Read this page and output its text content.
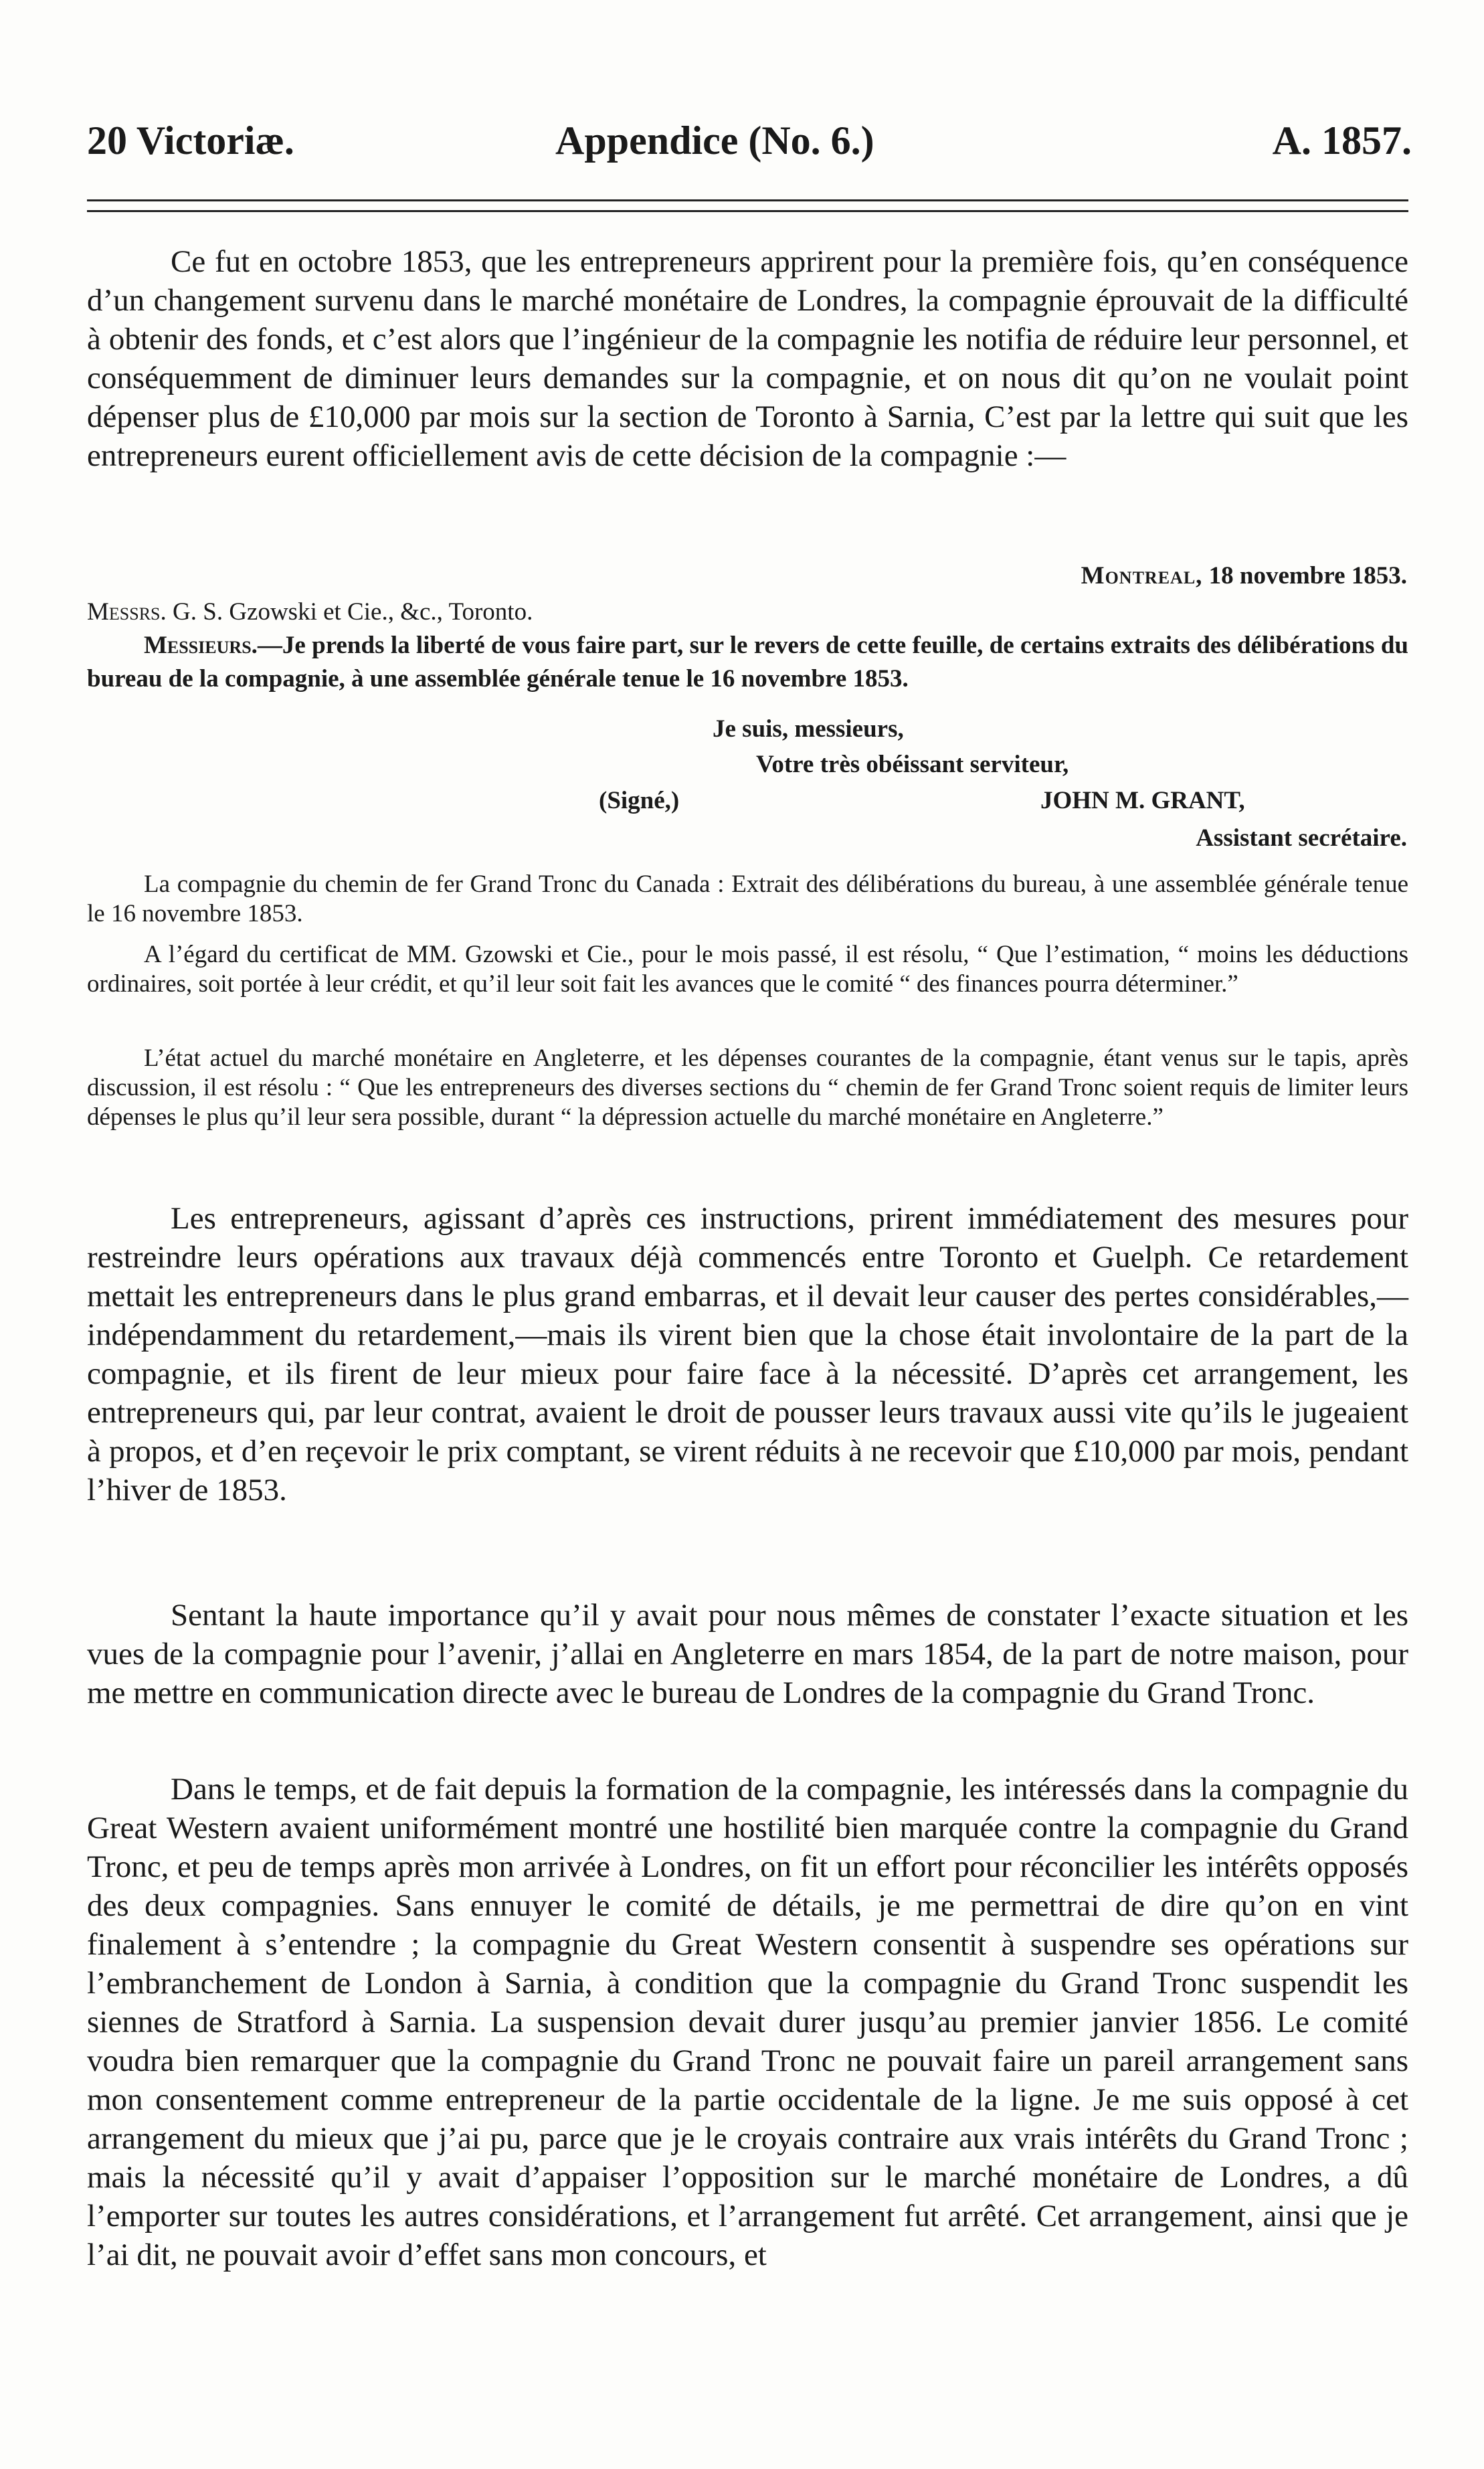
20 Victoriæ.	Appendice (No. 6.)	A. 1857.

Ce fut en octobre 1853, que les entrepreneurs apprirent pour la première fois, qu’en conséquence d’un changement survenu dans le marché monétaire de Londres, la compagnie éprouvait de la difficulté à obtenir des fonds, et c’est alors que l’ingénieur de la compagnie les notifia de réduire leur personnel, et conséquemment de diminuer leurs demandes sur la compagnie, et on nous dit qu’on ne voulait point dépenser plus de £10,000 par mois sur la section de Toronto à Sarnia, C’est par la lettre qui suit que les entrepreneurs eurent officiellement avis de cette décision de la compagnie :—

Montreal, 18 novembre 1853.
Messrs. G. S. Gzowski et Cie., &c., Toronto.

Messieurs.—Je prends la liberté de vous faire part, sur le revers de cette feuille, de certains extraits des délibérations du bureau de la compagnie, à une assemblée générale tenue le 16 novembre 1853.

Je suis, messieurs,
Votre très obéissant serviteur,
(Signé,)	JOHN M. GRANT,
Assistant secrétaire.

La compagnie du chemin de fer Grand Tronc du Canada : Extrait des délibérations du bureau, à une assemblée générale tenue le 16 novembre 1853.

A l’égard du certificat de MM. Gzowski et Cie., pour le mois passé, il est résolu, “ Que l’estimation, “ moins les déductions ordinaires, soit portée à leur crédit, et qu’il leur soit fait les avances que le comité “ des finances pourra déterminer.”

L’état actuel du marché monétaire en Angleterre, et les dépenses courantes de la compagnie, étant venus sur le tapis, après discussion, il est résolu : “ Que les entrepreneurs des diverses sections du “ chemin de fer Grand Tronc soient requis de limiter leurs dépenses le plus qu’il leur sera possible, durant “ la dépression actuelle du marché monétaire en Angleterre.”

Les entrepreneurs, agissant d’après ces instructions, prirent immédiatement des mesures pour restreindre leurs opérations aux travaux déjà commencés entre Toronto et Guelph. Ce retardement mettait les entrepreneurs dans le plus grand embarras, et il devait leur causer des pertes considérables,—indépendamment du retardement,—mais ils virent bien que la chose était involontaire de la part de la compagnie, et ils firent de leur mieux pour faire face à la nécessité. D’après cet arrangement, les entrepreneurs qui, par leur contrat, avaient le droit de pousser leurs travaux aussi vite qu’ils le jugeaient à propos, et d’en reçevoir le prix comptant, se virent réduits à ne recevoir que £10,000 par mois, pendant l’hiver de 1853.

Sentant la haute importance qu’il y avait pour nous mêmes de constater l’exacte situation et les vues de la compagnie pour l’avenir, j’allai en Angleterre en mars 1854, de la part de notre maison, pour me mettre en communication directe avec le bureau de Londres de la compagnie du Grand Tronc.

Dans le temps, et de fait depuis la formation de la compagnie, les intéressés dans la compagnie du Great Western avaient uniformément montré une hostilité bien marquée contre la compagnie du Grand Tronc, et peu de temps après mon arrivée à Londres, on fit un effort pour réconcilier les intérêts opposés des deux compagnies. Sans ennuyer le comité de détails, je me permettrai de dire qu’on en vint finalement à s’entendre ; la compagnie du Great Western consentit à suspendre ses opérations sur l’embranchement de London à Sarnia, à condition que la compagnie du Grand Tronc suspendit les siennes de Stratford à Sarnia. La suspension devait durer jusqu’au premier janvier 1856. Le comité voudra bien remarquer que la compagnie du Grand Tronc ne pouvait faire un pareil arrangement sans mon consentement comme entrepreneur de la partie occidentale de la ligne. Je me suis opposé à cet arrangement du mieux que j’ai pu, parce que je le croyais contraire aux vrais intérêts du Grand Tronc ; mais la nécessité qu’il y avait d’appaiser l’opposition sur le marché monétaire de Londres, a dû l’emporter sur toutes les autres considérations, et l’arrangement fut arrêté. Cet arrangement, ainsi que je l’ai dit, ne pouvait avoir d’effet sans mon concours, et
